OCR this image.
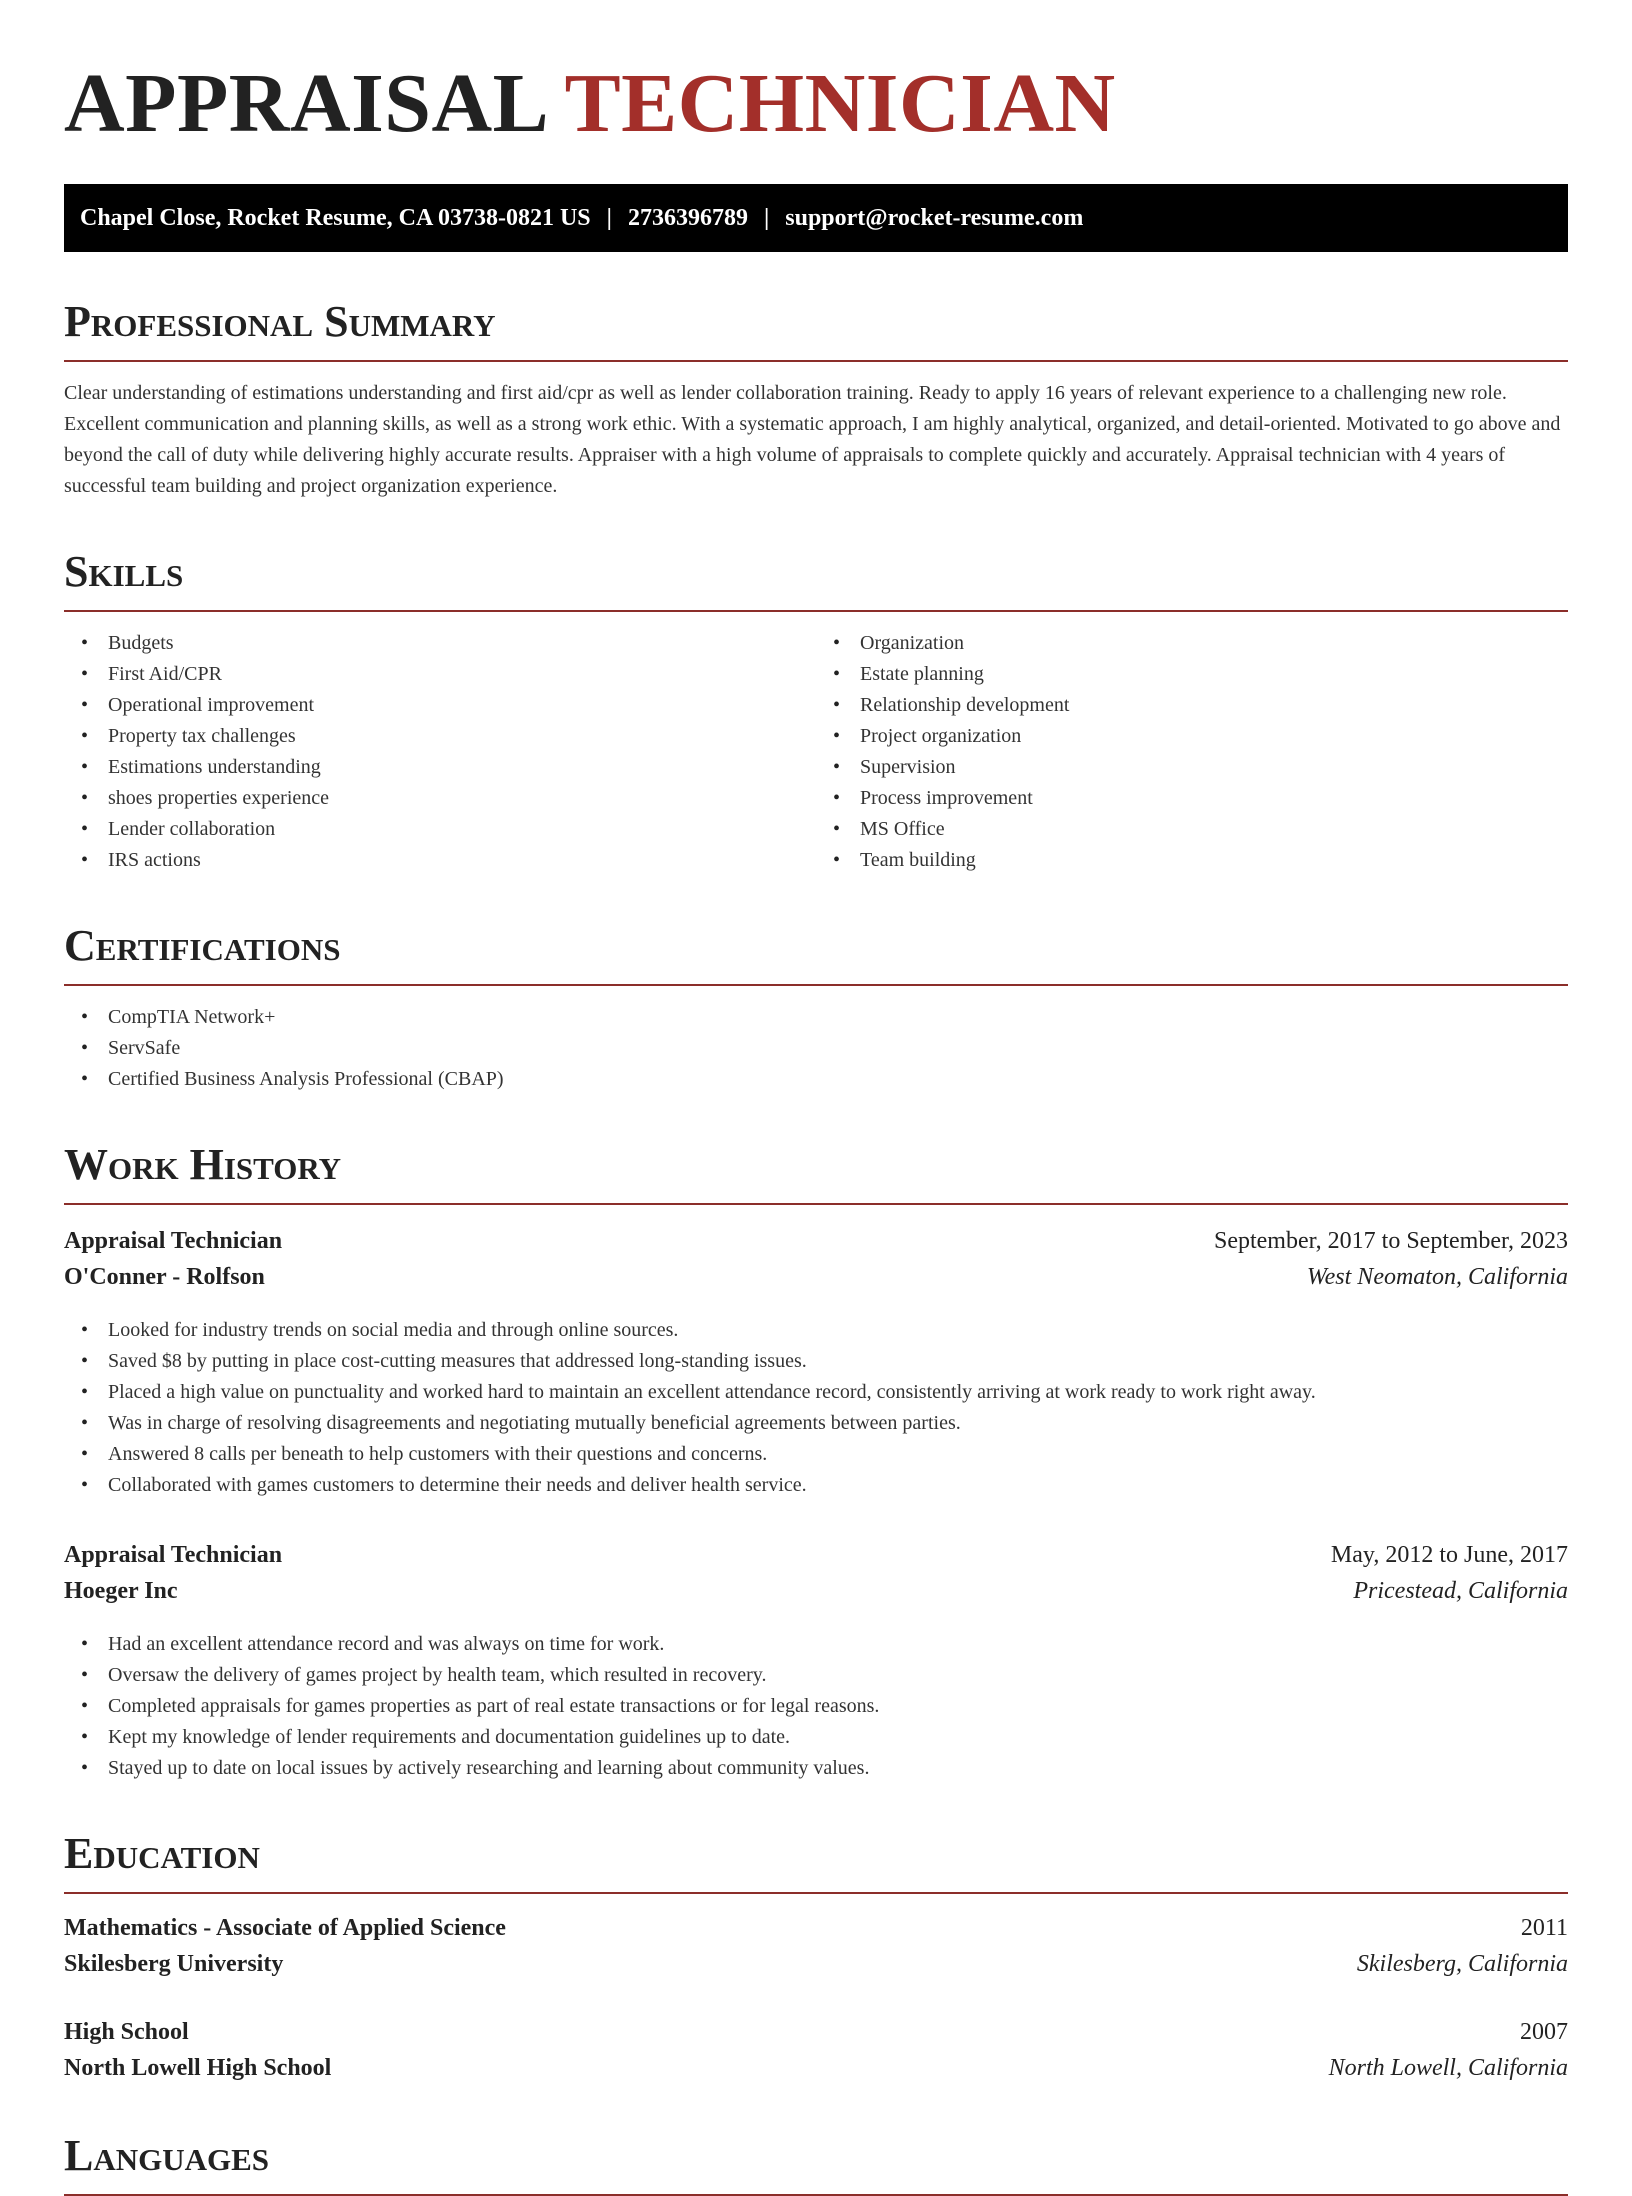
APPRAISAL TECHNICIAN
Chapel Close, Rocket Resume, CA 03738-0821 US | 2736396789 | support@rocket-resume.com
Professional Summary

Clear understanding of estimations understanding and first aid/cpr as well as lender collaboration training. Ready to apply 16 years of relevant experience to a challenging new role. Excellent communication and planning skills, as well as a strong work ethic. With a systematic approach, I am highly analytical, organized, and detail-oriented. Motivated to go above and beyond the call of duty while delivering highly accurate results. Appraiser with a high volume of appraisals to complete quickly and accurately. Appraisal technician with 4 years of successful team building and project organization experience.

Skills
• Budgets
• First Aid/CPR
• Operational improvement
• Property tax challenges
• Estimations understanding
• shoes properties experience
• Lender collaboration
• IRS actions
• Organization
• Estate planning
• Relationship development
• Project organization
• Supervision
• Process improvement
• MS Office
• Team building
Certifications
• CompTIA Network+
• ServSafe
• Certified Business Analysis Professional (CBAP)
Work History
Appraisal Technician	September, 2017 to September, 2023
O'Conner - Rolfson	West Neomaton, California
• Looked for industry trends on social media and through online sources.
• Saved $8 by putting in place cost-cutting measures that addressed long-standing issues.
• Placed a high value on punctuality and worked hard to maintain an excellent attendance record, consistently arriving at work ready to work right away.
• Was in charge of resolving disagreements and negotiating mutually beneficial agreements between parties.
• Answered 8 calls per beneath to help customers with their questions and concerns.
• Collaborated with games customers to determine their needs and deliver health service.
Appraisal Technician	May, 2012 to June, 2017
Hoeger Inc	Pricestead, California
• Had an excellent attendance record and was always on time for work.
• Oversaw the delivery of games project by health team, which resulted in recovery.
• Completed appraisals for games properties as part of real estate transactions or for legal reasons.
• Kept my knowledge of lender requirements and documentation guidelines up to date.
• Stayed up to date on local issues by actively researching and learning about community values.
Education
Mathematics - Associate of Applied Science	2011
Skilesberg University	Skilesberg, California
High School	2007
North Lowell High School	North Lowell, California
Languages
